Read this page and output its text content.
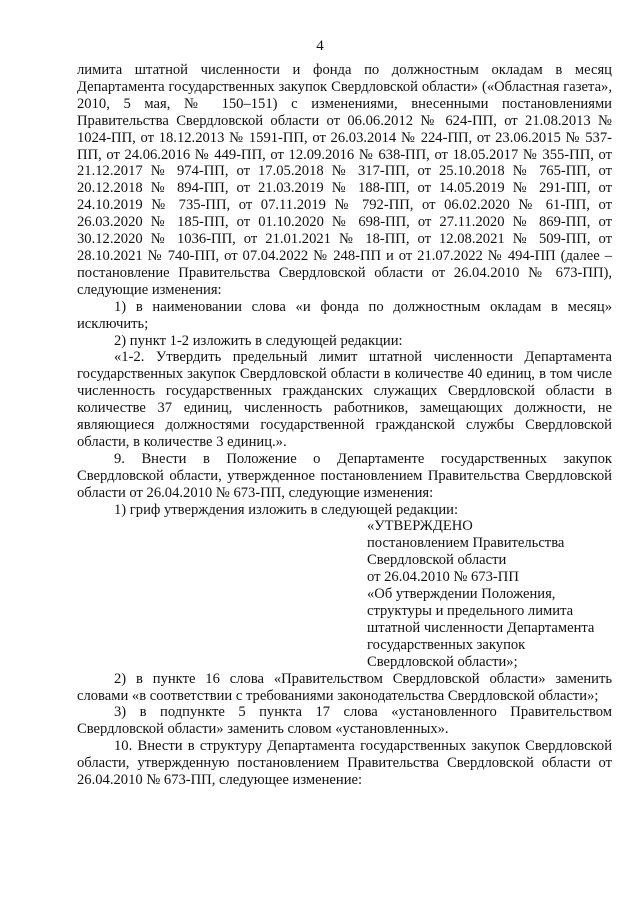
4

лимита штатной численности и фонда по должностным окладам в месяц Департамента государственных закупок Свердловской области» («Областная газета», 2010, 5 мая, № 150–151) с изменениями, внесенными постановлениями Правительства Свердловской области от 06.06.2012 № 624-ПП, от 21.08.2013 № 1024-ПП, от 18.12.2013 № 1591-ПП, от 26.03.2014 № 224-ПП, от 23.06.2015 № 537-ПП, от 24.06.2016 № 449-ПП, от 12.09.2016 № 638-ПП, от 18.05.2017 № 355-ПП, от 21.12.2017 № 974-ПП, от 17.05.2018 № 317-ПП, от 25.10.2018 № 765-ПП, от 20.12.2018 № 894-ПП, от 21.03.2019 № 188-ПП, от 14.05.2019 № 291-ПП, от 24.10.2019 № 735-ПП, от 07.11.2019 № 792-ПП, от 06.02.2020 № 61-ПП, от 26.03.2020 № 185-ПП, от 01.10.2020 № 698-ПП, от 27.11.2020 № 869-ПП, от 30.12.2020 № 1036-ПП, от 21.01.2021 № 18-ПП, от 12.08.2021 № 509-ПП, от 28.10.2021 № 740-ПП, от 07.04.2022 № 248-ПП и от 21.07.2022 № 494-ПП (далее – постановление Правительства Свердловской области от 26.04.2010 № 673-ПП), следующие изменения:

1) в наименовании слова «и фонда по должностным окладам в месяц» исключить;

2) пункт 1-2 изложить в следующей редакции:

«1-2. Утвердить предельный лимит штатной численности Департамента государственных закупок Свердловской области в количестве 40 единиц, в том числе численность государственных гражданских служащих Свердловской области в количестве 37 единиц, численность работников, замещающих должности, не являющиеся должностями государственной гражданской службы Свердловской области, в количестве 3 единиц.».

9. Внести в Положение о Департаменте государственных закупок Свердловской области, утвержденное постановлением Правительства Свердловской области от 26.04.2010 № 673-ПП, следующие изменения:

1) гриф утверждения изложить в следующей редакции:

«УТВЕРЖДЕНО
постановлением Правительства
Свердловской области
от 26.04.2010 № 673-ПП
«Об утверждении Положения,
структуры и предельного лимита
штатной численности Департамента
государственных закупок
Свердловской области»;

2) в пункте 16 слова «Правительством Свердловской области» заменить словами «в соответствии с требованиями законодательства Свердловской области»;

3) в подпункте 5 пункта 17 слова «установленного Правительством Свердловской области» заменить словом «установленных».

10. Внести в структуру Департамента государственных закупок Свердловской области, утвержденную постановлением Правительства Свердловской области от 26.04.2010 № 673-ПП, следующее изменение:
